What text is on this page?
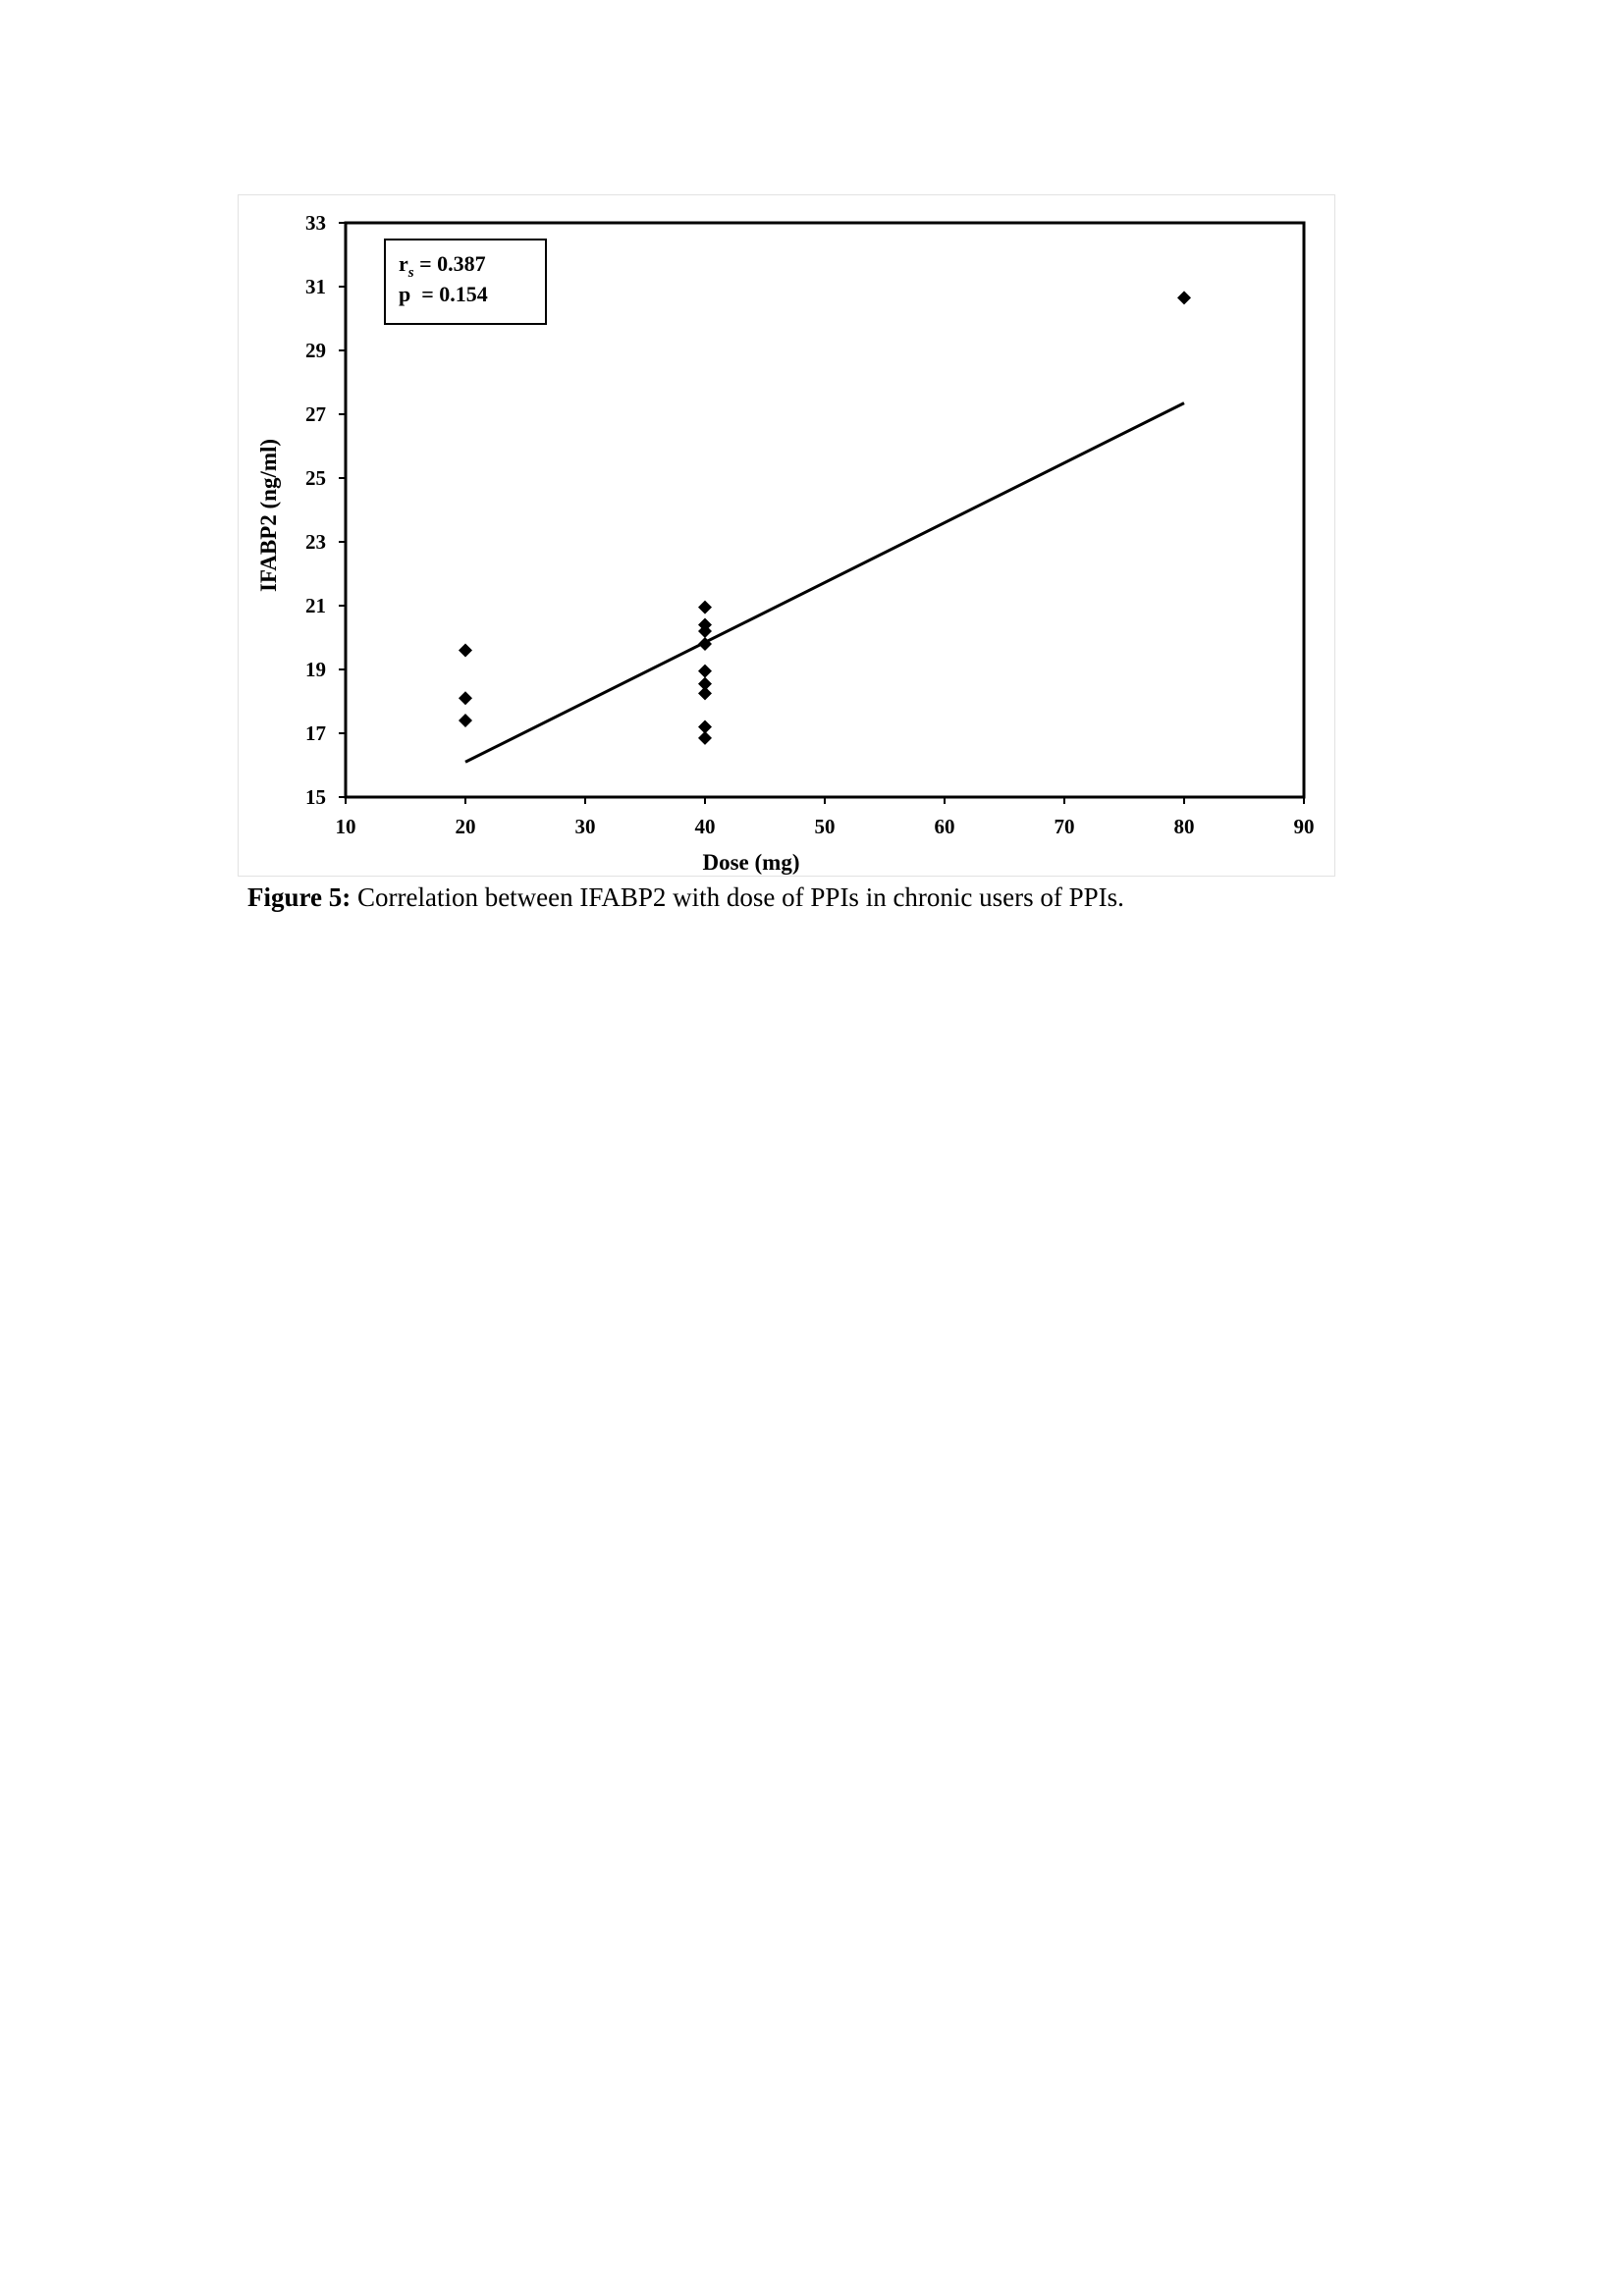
10	20	30	40	50	60	70	80	90
15
17
19
21
23
25
27
29
31
33
$r_s = 0.387$
p  = 0.154
Dose (mg)
IFABP2 (ng/ml)
Figure 5: Correlation between IFABP2 with dose of PPIs in chronic users of PPIs.
